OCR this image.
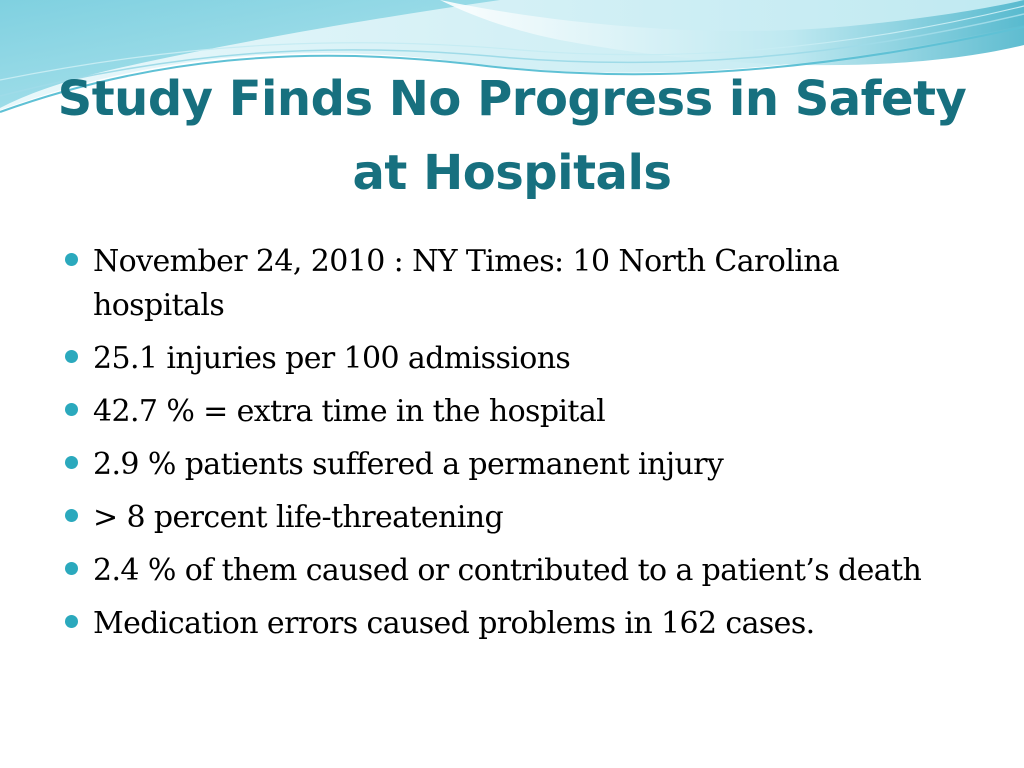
Study Finds No Progress in Safety at Hospitals
November 24, 2010 : NY Times: 10 North Carolina hospitals
25.1 injuries per 100 admissions
42.7 % = extra time in the hospital
2.9 % patients suffered a permanent injury
> 8 percent life-threatening
2.4 % of them caused or contributed to a patient’s death
Medication errors caused problems in 162 cases.
